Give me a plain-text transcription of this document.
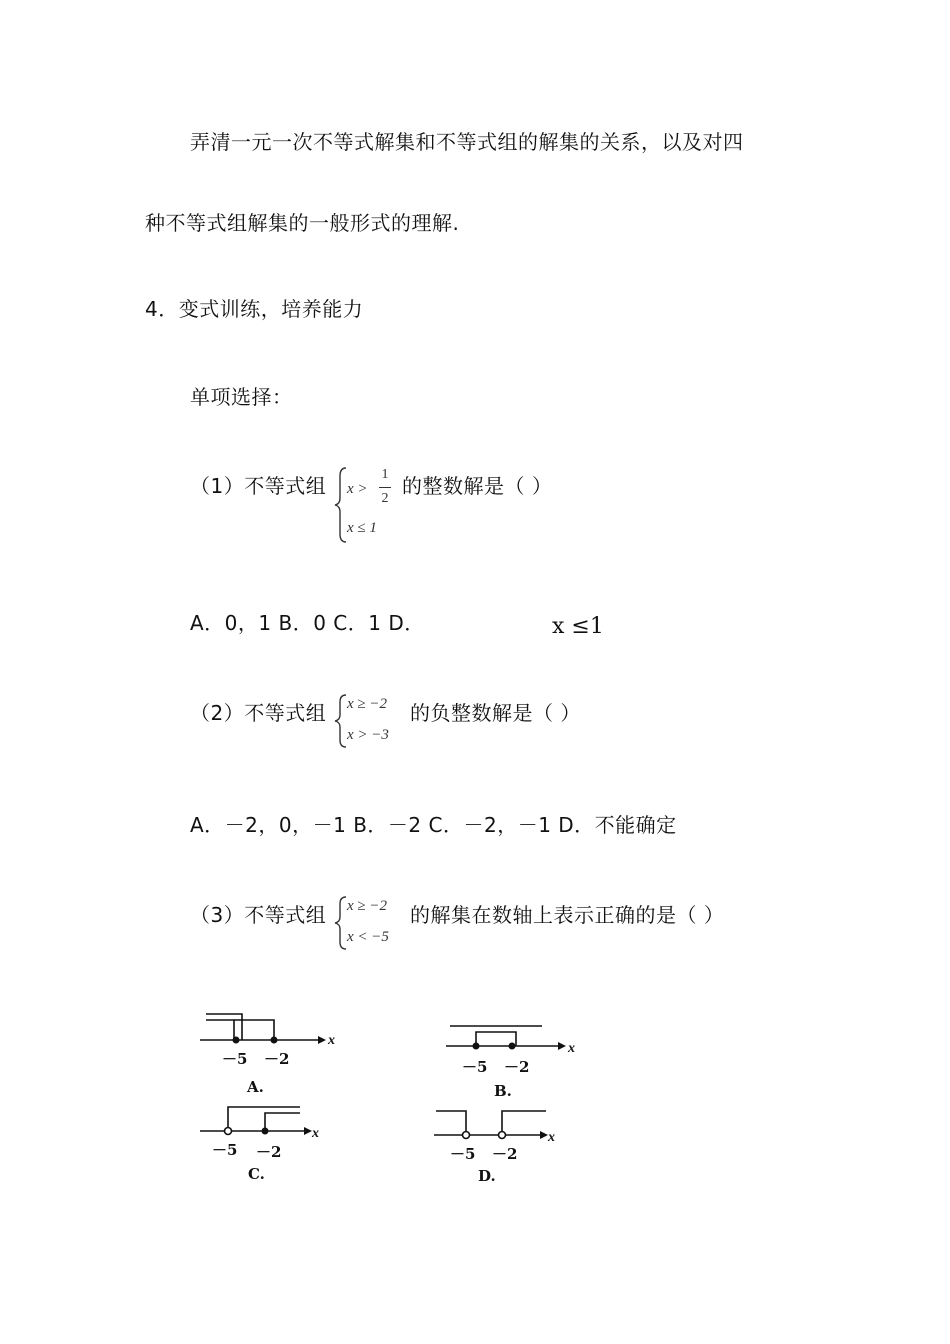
弄清一元一次不等式解集和不等式组的解集的关系，以及对四
种不等式组解集的一般形式的理解.
4．变式训练，培养能力
单项选择：
（1）不等式组 x >
1
2
x ≤ 1
的整数解是（ ）
A．0，1 B．0 C．1 D．	x ≤1
（2）不等式组 x ≥ −2
x > −3
的负整数解是（ ）
A．－2，0，－1 B．－2 C．－2，－1 D．不能确定
（3）不等式组 x ≥ −2
x < −5
的解集在数轴上表示正确的是（ ）
－5 －2
x
A.
－5 －2
x
B.
－5 －2
x
C.
－5 －2
x
D.
